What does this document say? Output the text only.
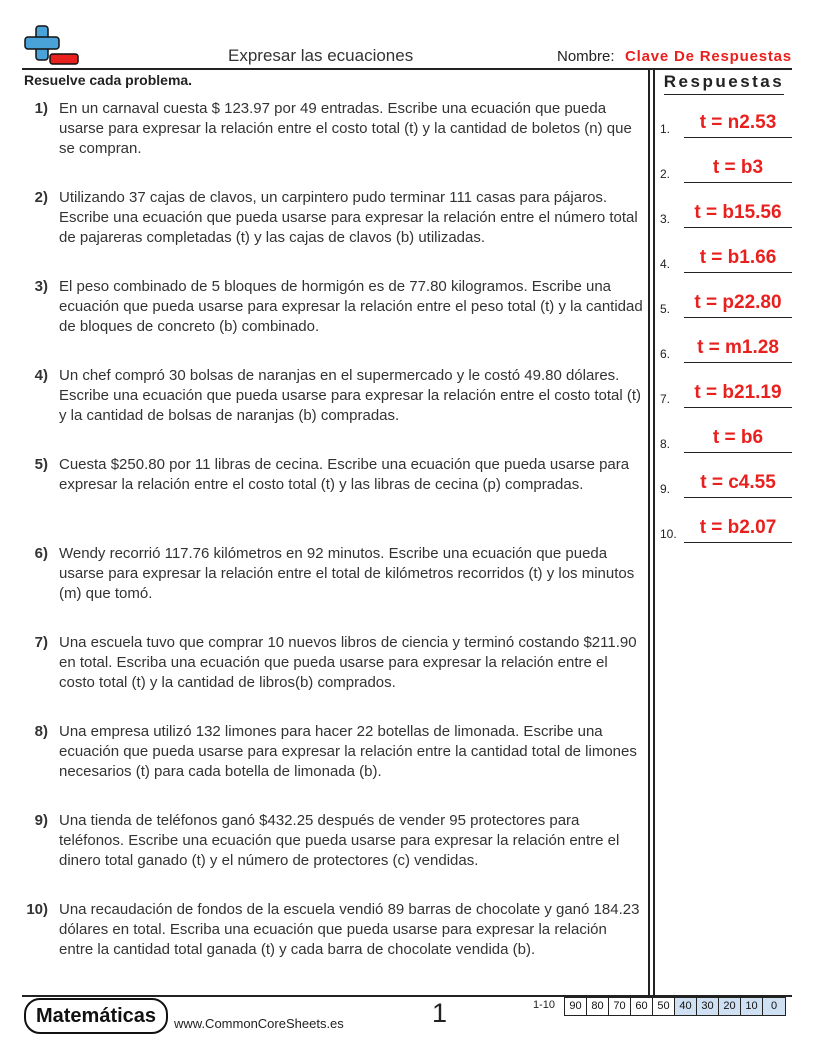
Expresar las ecuaciones	Nombre: Clave De Respuestas
Resuelve cada problema.	Respuestas
1) En un carnaval cuesta $ 123.97 por 49 entradas. Escribe una ecuación que pueda usarse para expresar la relación entre el costo total (t) y la cantidad de boletos (n) que se compran.
2) Utilizando 37 cajas de clavos, un carpintero pudo terminar 111 casas para pájaros. Escribe una ecuación que pueda usarse para expresar la relación entre el número total de pajareras completadas (t) y las cajas de clavos (b) utilizadas.
3) El peso combinado de 5 bloques de hormigón es de 77.80 kilogramos. Escribe una ecuación que pueda usarse para expresar la relación entre el peso total (t) y la cantidad de bloques de concreto (b) combinado.
4) Un chef compró 30 bolsas de naranjas en el supermercado y le costó 49.80 dólares. Escribe una ecuación que pueda usarse para expresar la relación entre el costo total (t) y la cantidad de bolsas de naranjas (b) compradas.
5) Cuesta $250.80 por 11 libras de cecina. Escribe una ecuación que pueda usarse para expresar la relación entre el costo total (t) y las libras de cecina (p) compradas.
6) Wendy recorrió 117.76 kilómetros en 92 minutos. Escribe una ecuación que pueda usarse para expresar la relación entre el total de kilómetros recorridos (t) y los minutos (m) que tomó.
7) Una escuela tuvo que comprar 10 nuevos libros de ciencia y terminó costando $211.90 en total. Escriba una ecuación que pueda usarse para expresar la relación entre el costo total (t) y la cantidad de libros(b) comprados.
8) Una empresa utilizó 132 limones para hacer 22 botellas de limonada. Escribe una ecuación que pueda usarse para expresar la relación entre la cantidad total de limones necesarios (t) para cada botella de limonada (b).
9) Una tienda de teléfonos ganó $432.25 después de vender 95 protectores para teléfonos. Escribe una ecuación que pueda usarse para expresar la relación entre el dinero total ganado (t) y el número de protectores (c) vendidas.
10) Una recaudación de fondos de la escuela vendió 89 barras de chocolate y ganó 184.23 dólares en total. Escriba una ecuación que pueda usarse para expresar la relación entre la cantidad total ganada (t) y cada barra de chocolate vendida (b).
1.	t = n2.53
2.	t = b3
3.	t = b15.56
4.	t = b1.66
5.	t = p22.80
6.	t = m1.28
7.	t = b21.19
8.	t = b6
9.	t = c4.55
10.	t = b2.07
Matemáticas	www.CommonCoreSheets.es	1	1-10	90 80 70 60 50 40 30 20 10	0
